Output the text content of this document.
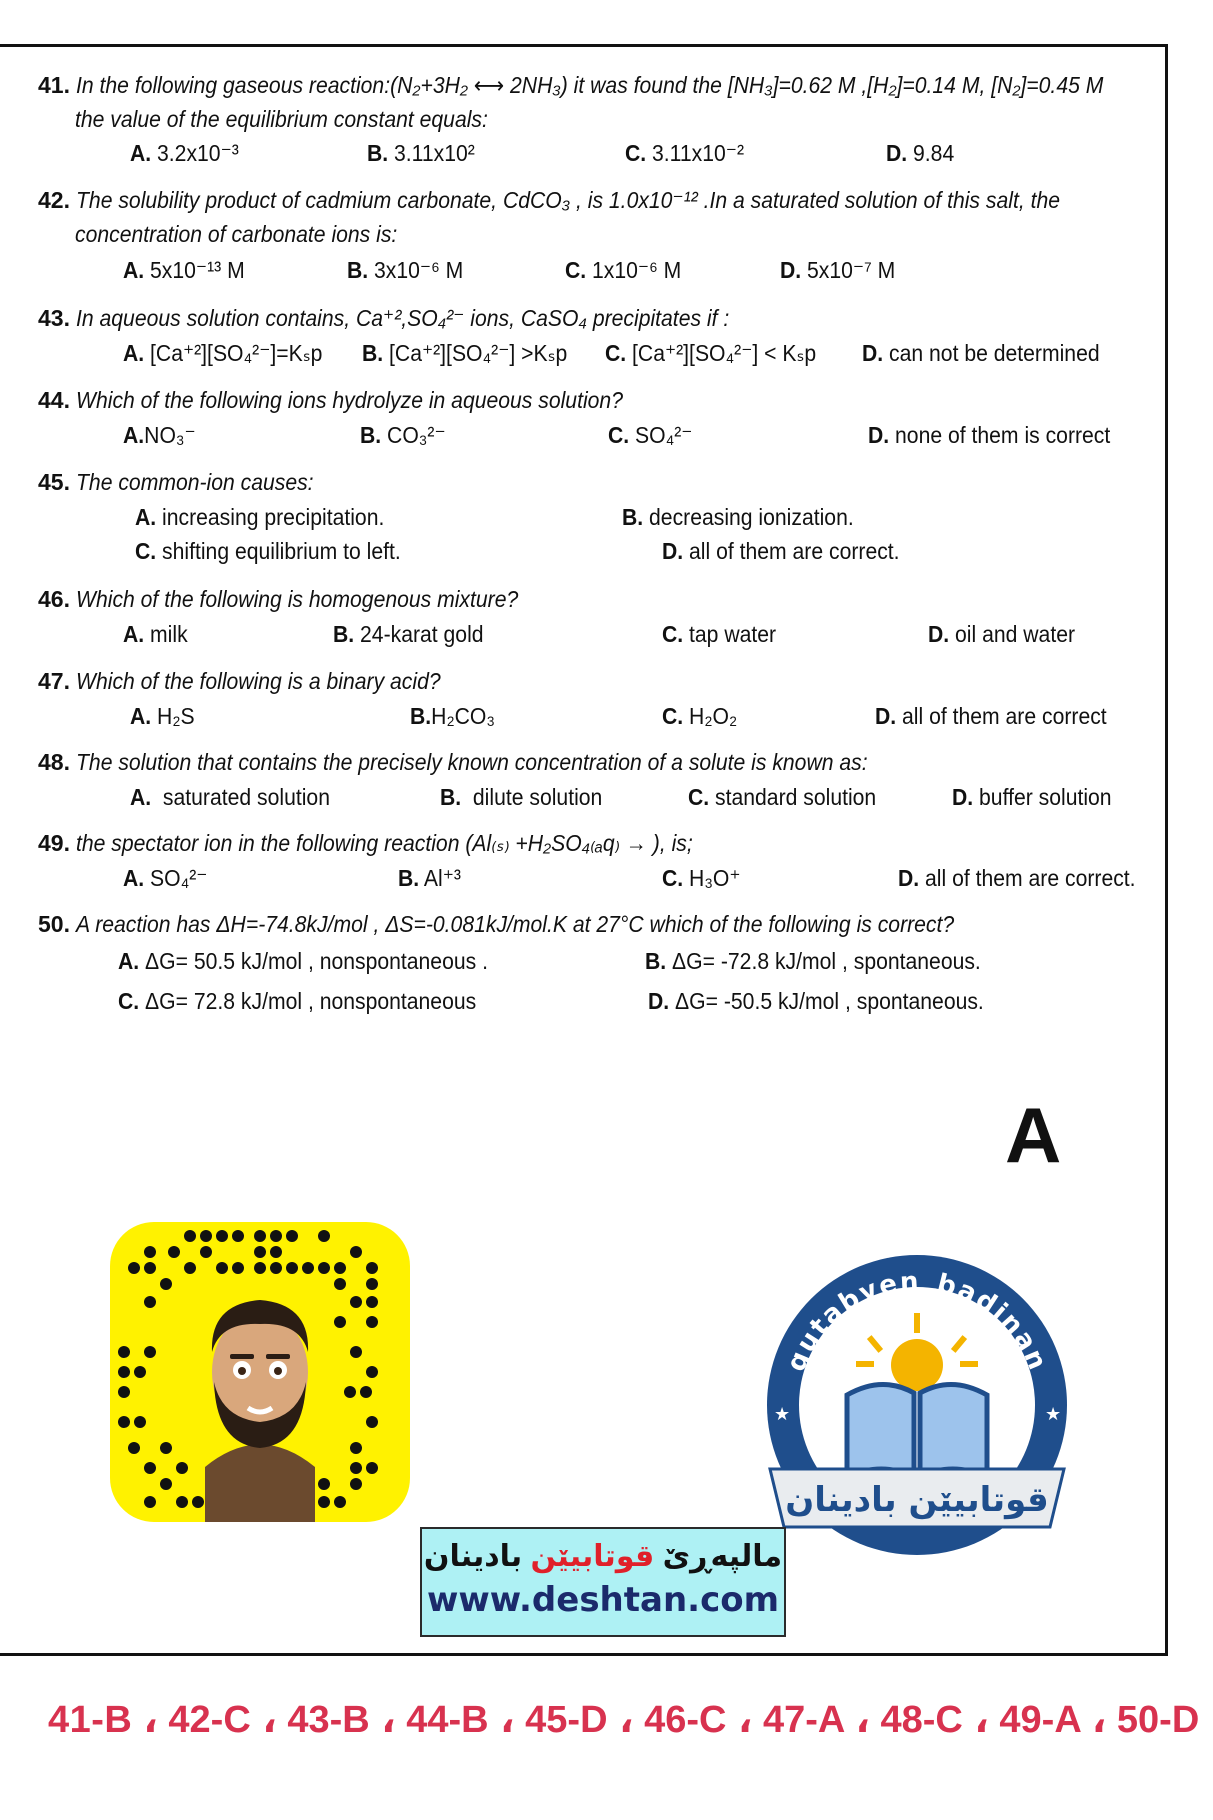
41. In the following gaseous reaction:(N₂+3H₂ ⟷ 2NH₃) it was found the [NH₃]=0.62 M ,[H₂]=0.14 M, [N₂]=0.45 M
the value of the equilibrium constant equals:
A. 3.2x10⁻³	B. 3.11x10²	C. 3.11x10⁻²	D. 9.84
42. The solubility product of cadmium carbonate, CdCO₃ , is 1.0x10⁻¹² .In a saturated solution of this salt, the
concentration of carbonate ions is:
A. 5x10⁻¹³ M	B. 3x10⁻⁶ M	C. 1x10⁻⁶ M	D. 5x10⁻⁷ M
43. In aqueous solution contains, Ca⁺²,SO₄²⁻ ions, CaSO₄ precipitates if :
A. [Ca⁺²][SO₄²⁻]=Kₛp B. [Ca⁺²][SO₄²⁻] >Kₛp C. [Ca⁺²][SO₄²⁻] < Kₛp D. can not be determined
44. Which of the following ions hydrolyze in aqueous solution?
A.NO₃⁻	B. CO₃²⁻	C. SO₄²⁻	D. none of them is correct
45. The common-ion causes:
A. increasing precipitation.	B. decreasing ionization.
C. shifting equilibrium to left.	D. all of them are correct.
46. Which of the following is homogenous mixture?
A. milk	B. 24-karat gold	C. tap water	D. oil and water
47. Which of the following is a binary acid?
A. H₂S	B.H₂CO₃	C. H₂O₂	D. all of them are correct
48. The solution that contains the precisely known concentration of a solute is known as:
A. saturated solution	B. dilute solution	C. standard solution	D. buffer solution
49. the spectator ion in the following reaction (Al₍ₛ₎ +H₂SO₄₍ₐq₎ → ), is;
A. SO₄²⁻	B. Al⁺³	C. H₃O⁺	D. all of them are correct.
50. A reaction has ΔH=-74.8kJ/mol , ΔS=-0.081kJ/mol.K at 27°C which of the following is correct?
A. ΔG= 50.5 kJ/mol , nonspontaneous .	B. ΔG= -72.8 kJ/mol , spontaneous.
C. ΔG= 72.8 kJ/mol , nonspontaneous	D. ΔG= -50.5 kJ/mol , spontaneous.
A
qutabyen_badinan
★	★
قوتابیێن بادینان
مالپەڕێ قوتابیێن بادینان
www.deshtan.com
41-B ، 42-C ، 43-B ، 44-B ، 45-D ، 46-C ، 47-A ، 48-C ، 49-A ، 50-D
